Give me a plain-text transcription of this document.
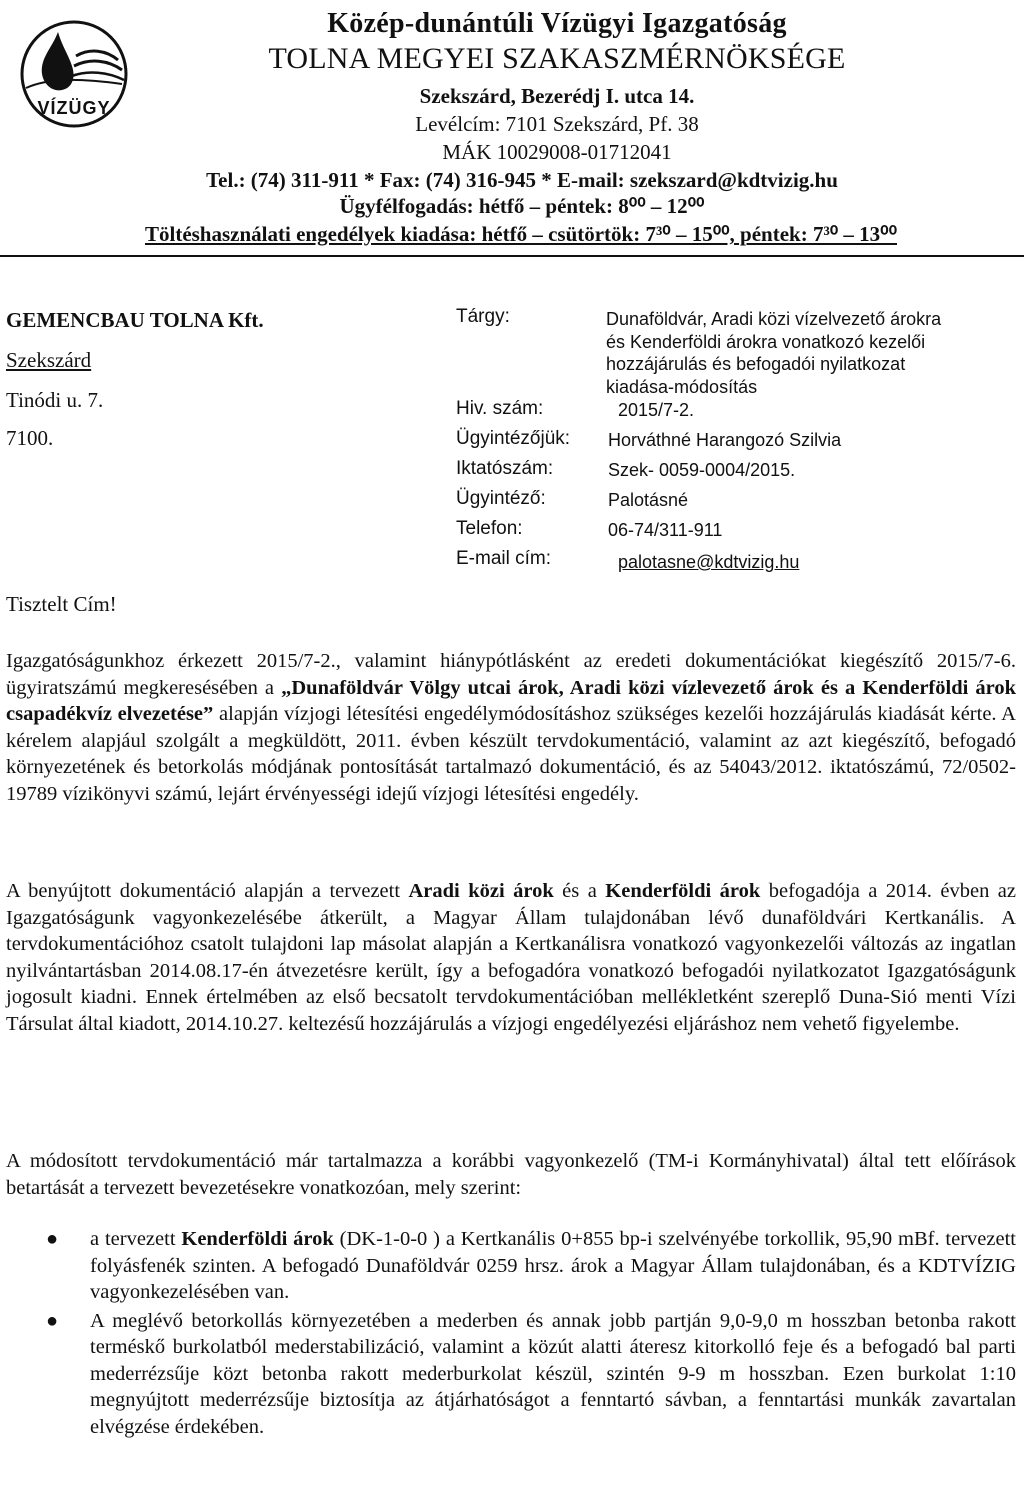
VÍZÜGY
Közép-dunántúli Vízügyi Igazgatóság
TOLNA MEGYEI SZAKASZMÉRNÖKSÉGE
Szekszárd, Bezerédj I. utca 14.
Levélcím: 7101 Szekszárd, Pf. 38
MÁK 10029008-01712041
Tel.: (74) 311-911 * Fax: (74) 316-945 * E-mail: szekszard@kdtvizig.hu
Ügyfélfogadás: hétfő – péntek: 8⁰⁰ – 12⁰⁰
Töltéshasználati engedélyek kiadása: hétfő – csütörtök: 7³⁰ – 15⁰⁰, péntek: 7³⁰ – 13⁰⁰
GEMENCBAU TOLNA Kft.
Szekszárd
Tinódi u. 7.
7100.
Tisztelt Cím!
Tárgy:	Dunaföldvár, Aradi közi vízelvezető árokra
és Kenderföldi árokra vonatkozó kezelői
hozzájárulás és befogadói nyilatkozat
kiadása-módosítás
Hiv. szám:	2015/7-2.
Ügyintézőjük: Horváthné Harangozó Szilvia
Iktatószám:	Szek- 0059-0004/2015.
Ügyintéző:	Palotásné
Telefon:	06-74/311-911
E-mail cím:	palotasne@kdtvizig.hu
Igazgatóságunkhoz érkezett 2015/7-2., valamint hiánypótlásként az eredeti dokumentációkat kiegészítő 2015/7-6. ügyiratszámú megkeresésében a „Dunaföldvár Völgy utcai árok, Aradi közi vízlevezető árok és a Kenderföldi árok csapadékvíz elvezetése” alapján vízjogi létesítési engedélymódosításhoz szükséges kezelői hozzájárulás kiadását kérte. A kérelem alapjául szolgált a megküldött, 2011. évben készült tervdokumentáció, valamint az azt kiegészítő, befogadó környezetének és betorkolás módjának pontosítását tartalmazó dokumentáció, és az 54043/2012. iktatószámú, 72/0502-19789 vízikönyvi számú, lejárt érvényességi idejű vízjogi létesítési engedély.
A benyújtott dokumentáció alapján a tervezett Aradi közi árok és a Kenderföldi árok befogadója a 2014. évben az Igazgatóságunk vagyonkezelésébe átkerült, a Magyar Állam tulajdonában lévő dunaföldvári Kertkanális. A tervdokumentációhoz csatolt tulajdoni lap másolat alapján a Kertkanálisra vonatkozó vagyonkezelői változás az ingatlan nyilvántartásban 2014.08.17-én átvezetésre került, így a befogadóra vonatkozó befogadói nyilatkozatot Igazgatóságunk jogosult kiadni. Ennek értelmében az első becsatolt tervdokumentációban mellékletként szereplő Duna-Sió menti Vízi Társulat által kiadott, 2014.10.27. keltezésű hozzájárulás a vízjogi engedélyezési eljáráshoz nem vehető figyelembe.
A módosított tervdokumentáció már tartalmazza a korábbi vagyonkezelő (TM-i Kormányhivatal) által tett előírások betartását a tervezett bevezetésekre vonatkozóan, mely szerint:
● a tervezett Kenderföldi árok (DK-1-0-0 ) a Kertkanális 0+855 bp-i szelvényébe torkollik, 95,90 mBf. tervezett folyásfenék szinten. A befogadó Dunaföldvár 0259 hrsz. árok a Magyar Állam tulajdonában, és a KDTVÍZIG vagyonkezelésében van.
● A meglévő betorkollás környezetében a mederben és annak jobb partján 9,0-9,0 m hosszban betonba rakott terméskő burkolatból mederstabilizáció, valamint a közút alatti áteresz kitorkolló feje és a befogadó bal parti mederrézsűje közt betonba rakott mederburkolat készül, szintén 9-9 m hosszban. Ezen burkolat 1:10 megnyújtott mederrézsűje biztosítja az átjárhatóságot a fenntartó sávban, a fenntartási munkák zavartalan elvégzése érdekében.
